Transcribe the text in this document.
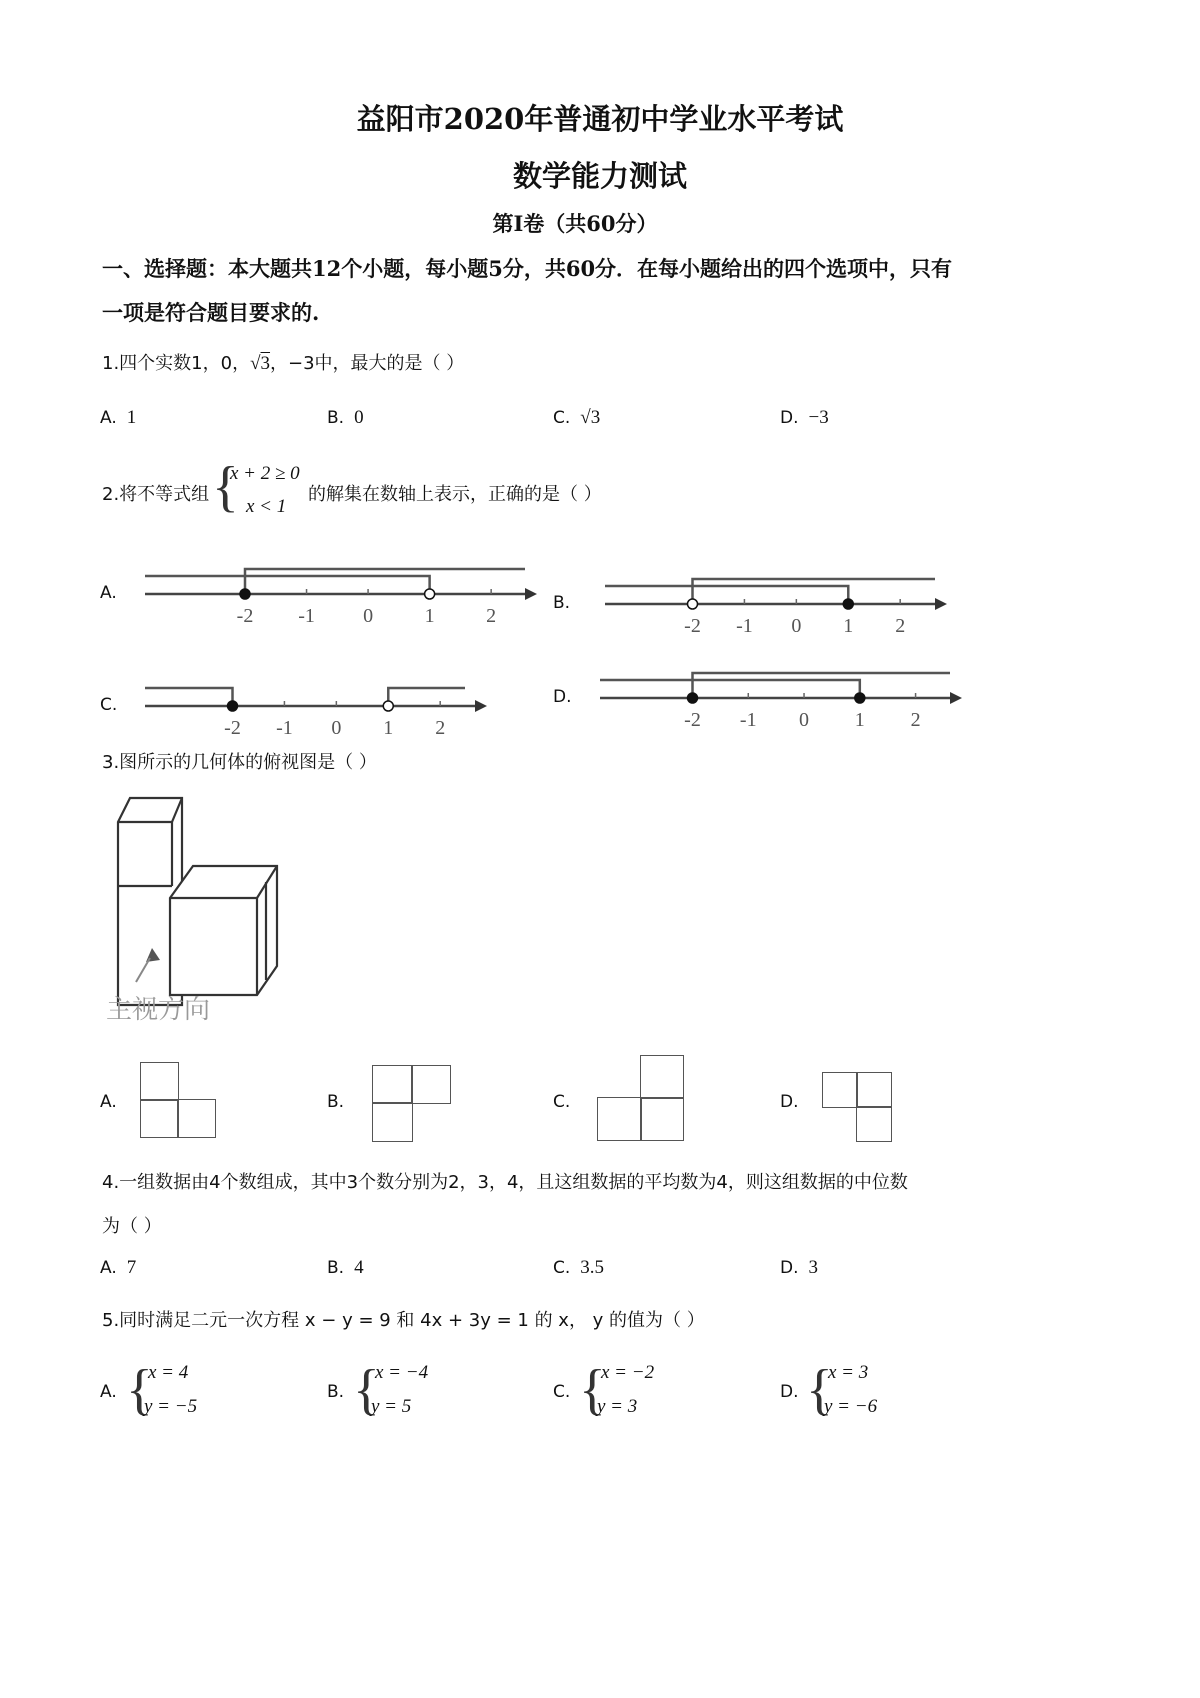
益阳市2020年普通初中学业水平考试
数学能力测试
第Ⅰ卷（共60分）
一、选择题：本大题共12个小题，每小题5分，共60分．在每小题给出的四个选项中，只有
一项是符合题目要求的.
1.四个实数1，0，√3，−3中，最大的是（ ）
A. 1	B. 0	C. √3	D. −3
2.将不等式组 {
x + 2 ≥ 0
x < 1
的解集在数轴上表示，正确的是（ ）
A.
-2 -1 0	1	2
B.
-2 -1 0 1 2
C.
-2 -1 0 1 2
D.
-2 -1 0 1 2
3.图所示的几何体的俯视图是（ ）
主视方向
A.	B.	C.	D.
4.一组数据由4个数组成，其中3个数分别为2，3，4，且这组数据的平均数为4，则这组数据的中位数
为（ ）
A. 7	B. 4	C. 3.5	D. 3
5.同时满足二元一次方程 x − y = 9 和 4x + 3y = 1 的 x， y 的值为（ ）
A. {
x = 4
y = −5
B. {
x = −4
y = 5
C. {
x = −2
y = 3
D. {
x = 3
y = −6
